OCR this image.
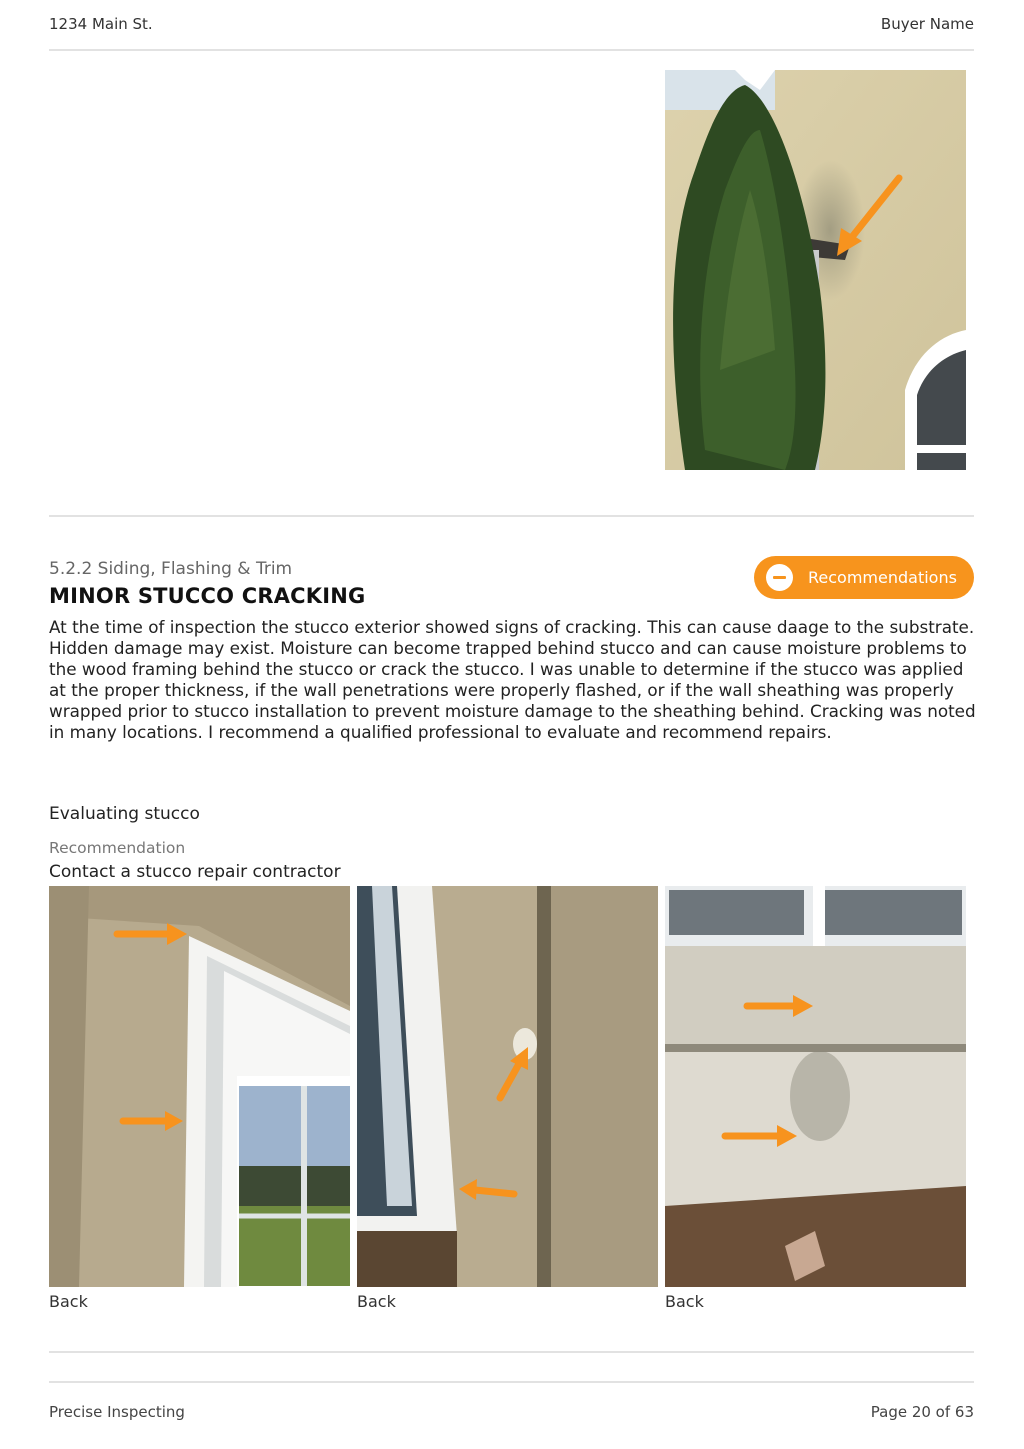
1234 Main St.	Buyer Name
5.2.2 Siding, Flashing & Trim
MINOR STUCCO CRACKING
Recommendations
At the time of inspection the stucco exterior showed signs of cracking. This can cause daage to the substrate. Hidden damage may exist. Moisture can become trapped behind stucco and can cause moisture problems to the wood framing behind the stucco or crack the stucco. I was unable to determine if the stucco was applied at the proper thickness, if the wall penetrations were properly flashed, or if the wall sheathing was properly wrapped prior to stucco installation to prevent moisture damage to the sheathing behind. Cracking was noted in many locations. I recommend a qualified professional to evaluate and recommend repairs.
Evaluating stucco
Recommendation
Contact a stucco repair contractor
Back	Back	Back
Precise Inspecting	Page 20 of 63
